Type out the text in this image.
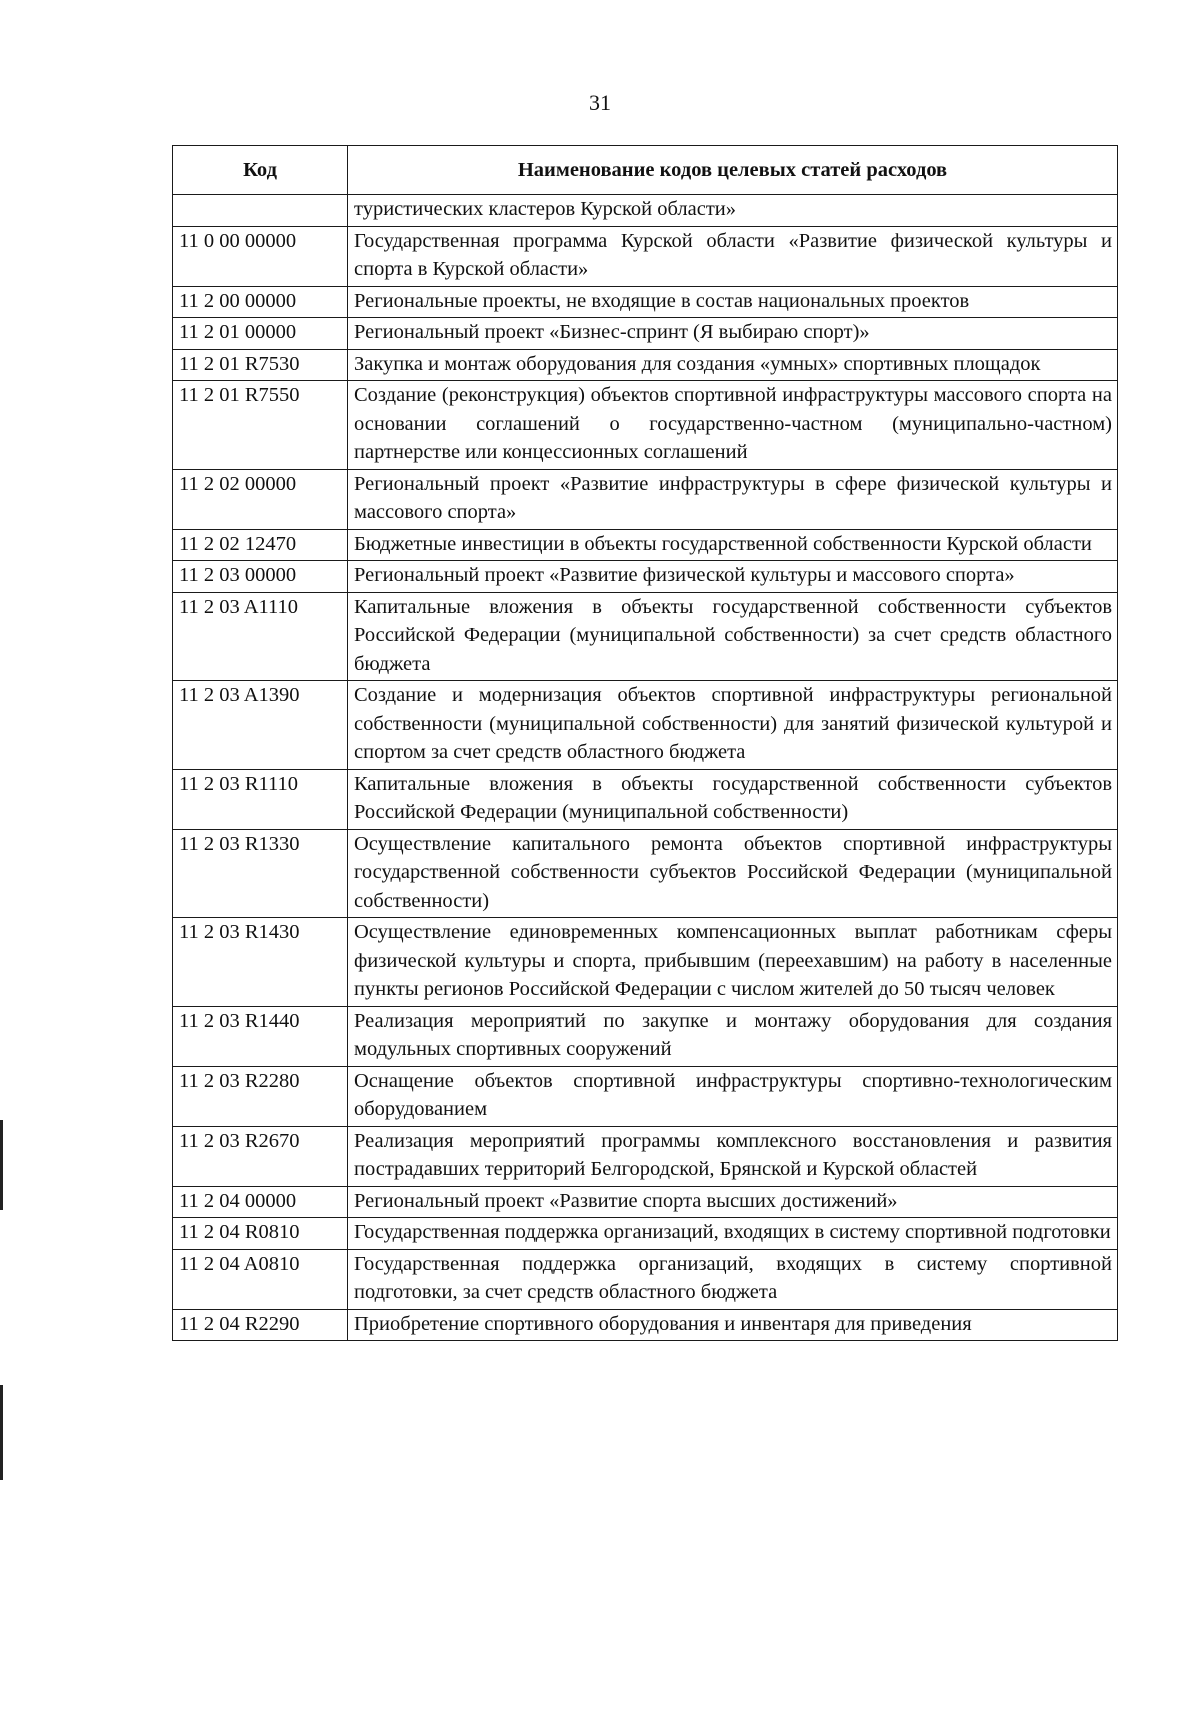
31
Код	Наименование кодов целевых статей расходов
	туристических кластеров Курской области»
11 0 00 00000	Государственная программа Курской области «Развитие физической культуры и спорта в Курской области»
11 2 00 00000	Региональные проекты, не входящие в состав национальных проектов
11 2 01 00000	Региональный проект «Бизнес-спринт (Я выбираю спорт)»
11 2 01 R7530	Закупка и монтаж оборудования для создания «умных» спортивных площадок
11 2 01 R7550	Создание (реконструкция) объектов спортивной инфраструктуры массового спорта на основании соглашений о государственно-частном (муниципально-частном) партнерстве или концессионных соглашений
11 2 02 00000	Региональный проект «Развитие инфраструктуры в сфере физической культуры и массового спорта»
11 2 02 12470	Бюджетные инвестиции в объекты государственной собственности Курской области
11 2 03 00000	Региональный проект «Развитие физической культуры и массового спорта»
11 2 03 A1110	Капитальные вложения в объекты государственной собственности субъектов Российской Федерации (муниципальной собственности) за счет средств областного бюджета
11 2 03 A1390	Создание и модернизация объектов спортивной инфраструктуры региональной собственности (муниципальной собственности) для занятий физической культурой и спортом за счет средств областного бюджета
11 2 03 R1110	Капитальные вложения в объекты государственной собственности субъектов Российской Федерации (муниципальной собственности)
11 2 03 R1330	Осуществление капитального ремонта объектов спортивной инфраструктуры государственной собственности субъектов Российской Федерации (муниципальной собственности)
11 2 03 R1430	Осуществление единовременных компенсационных выплат работникам сферы физической культуры и спорта, прибывшим (переехавшим) на работу в населенные пункты регионов Российской Федерации с числом жителей до 50 тысяч человек
11 2 03 R1440	Реализация мероприятий по закупке и монтажу оборудования для создания модульных спортивных сооружений
11 2 03 R2280	Оснащение объектов спортивной инфраструктуры спортивно-технологическим оборудованием
11 2 03 R2670	Реализация мероприятий программы комплексного восстановления и развития пострадавших территорий Белгородской, Брянской и Курской областей
11 2 04 00000	Региональный проект «Развитие спорта высших достижений»
11 2 04 R0810	Государственная поддержка организаций, входящих в систему спортивной подготовки
11 2 04 A0810	Государственная поддержка организаций, входящих в систему спортивной подготовки, за счет средств областного бюджета
11 2 04 R2290	Приобретение спортивного оборудования и инвентаря для приведения
